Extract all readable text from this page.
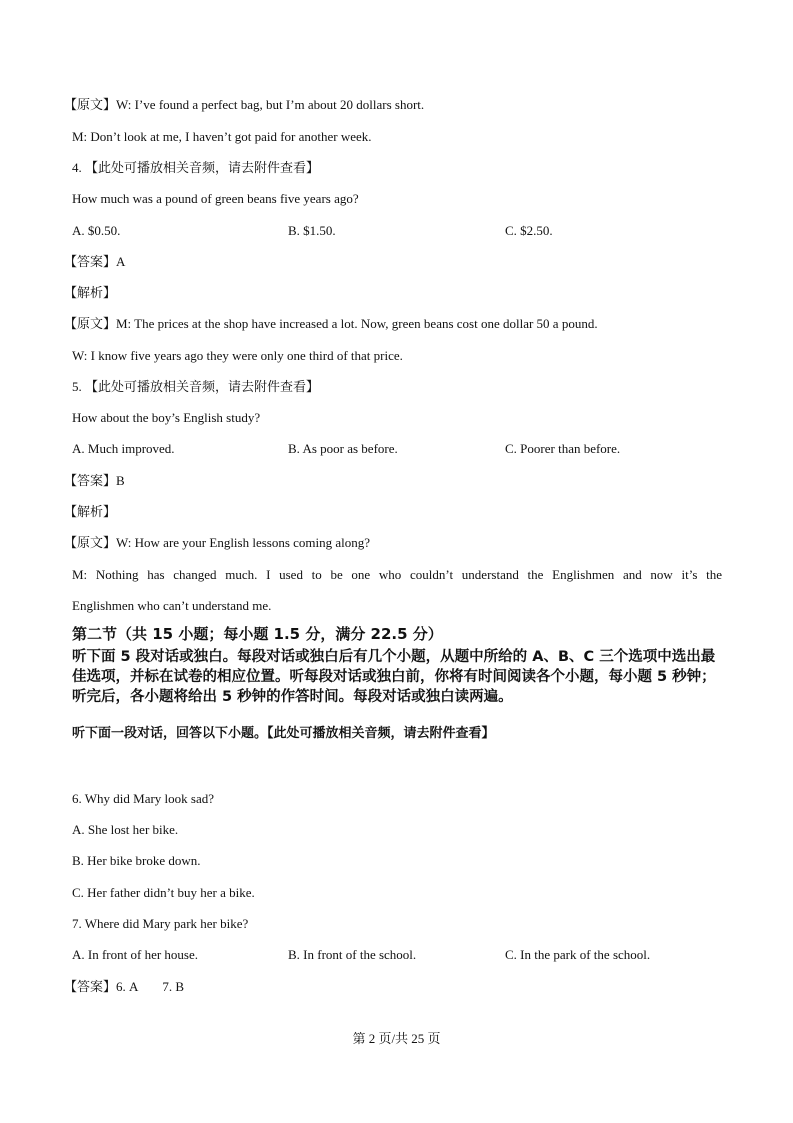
【原文】W: I’ve found a perfect bag, but I’m about 20 dollars short.
M: Don’t look at me, I haven’t got paid for another week.
4. 【此处可播放相关音频，请去附件查看】
How much was a pound of green beans five years ago?
A. $0.50.	B. $1.50.	C. $2.50.
【答案】A
【解析】
【原文】M: The prices at the shop have increased a lot. Now, green beans cost one dollar 50 a pound.
W: I know five years ago they were only one third of that price.
5. 【此处可播放相关音频，请去附件查看】
How about the boy’s English study?
A. Much improved.	B. As poor as before.	C. Poorer than before.
【答案】B
【解析】
【原文】W: How are your English lessons coming along?
M: Nothing has changed much. I used to be one who couldn’t understand the Englishmen and now it’s the
Englishmen who can’t understand me.
第二节（共 15 小题；每小题 1.5 分，满分 22.5 分）
听下面 5 段对话或独白。每段对话或独白后有几个小题，从题中所给的 A、B、C 三个选项中选出最佳选项，并标在试卷的相应位置。听每段对话或独白前，你将有时间阅读各个小题，每小题 5 秒钟；听完后，各小题将给出 5 秒钟的作答时间。每段对话或独白读两遍。
听下面一段对话，回答以下小题。【此处可播放相关音频，请去附件查看】
6. Why did Mary look sad?
A. She lost her bike.
B. Her bike broke down.
C. Her father didn’t buy her a bike.
7. Where did Mary park her bike?
A. In front of her house.	B. In front of the school.	C. In the park of the school.
【答案】6. A 7. B
第 2 页/共 25 页
